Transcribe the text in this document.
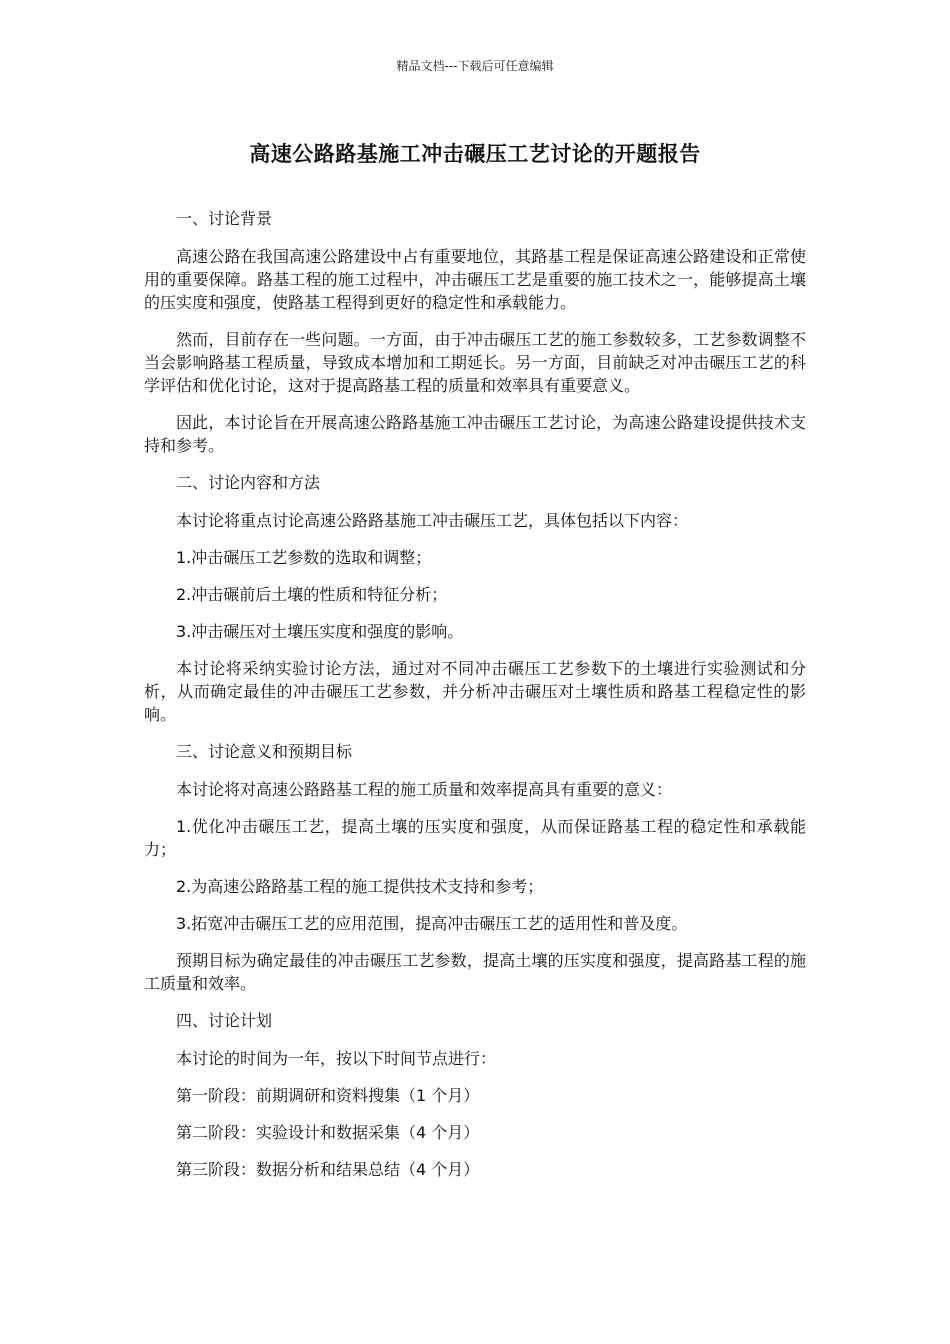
精品文档---下载后可任意编辑
高速公路路基施工冲击碾压工艺讨论的开题报告

一、讨论背景

高速公路在我国高速公路建设中占有重要地位，其路基工程是保证高速公路建设和正常使用的重要保障。路基工程的施工过程中，冲击碾压工艺是重要的施工技术之一，能够提高土壤的压实度和强度，使路基工程得到更好的稳定性和承载能力。

然而，目前存在一些问题。一方面，由于冲击碾压工艺的施工参数较多，工艺参数调整不当会影响路基工程质量，导致成本增加和工期延长。另一方面，目前缺乏对冲击碾压工艺的科学评估和优化讨论，这对于提高路基工程的质量和效率具有重要意义。

因此，本讨论旨在开展高速公路路基施工冲击碾压工艺讨论，为高速公路建设提供技术支持和参考。

二、讨论内容和方法

本讨论将重点讨论高速公路路基施工冲击碾压工艺，具体包括以下内容：

1.冲击碾压工艺参数的选取和调整；

2.冲击碾前后土壤的性质和特征分析；

3.冲击碾压对土壤压实度和强度的影响。

本讨论将采纳实验讨论方法，通过对不同冲击碾压工艺参数下的土壤进行实验测试和分析，从而确定最佳的冲击碾压工艺参数，并分析冲击碾压对土壤性质和路基工程稳定性的影响。

三、讨论意义和预期目标

本讨论将对高速公路路基工程的施工质量和效率提高具有重要的意义：

1.优化冲击碾压工艺，提高土壤的压实度和强度，从而保证路基工程的稳定性和承载能力；

2.为高速公路路基工程的施工提供技术支持和参考；

3.拓宽冲击碾压工艺的应用范围，提高冲击碾压工艺的适用性和普及度。

预期目标为确定最佳的冲击碾压工艺参数，提高土壤的压实度和强度，提高路基工程的施工质量和效率。

四、讨论计划

本讨论的时间为一年，按以下时间节点进行：

第一阶段：前期调研和资料搜集（1 个月）

第二阶段：实验设计和数据采集（4 个月）

第三阶段：数据分析和结果总结（4 个月）
